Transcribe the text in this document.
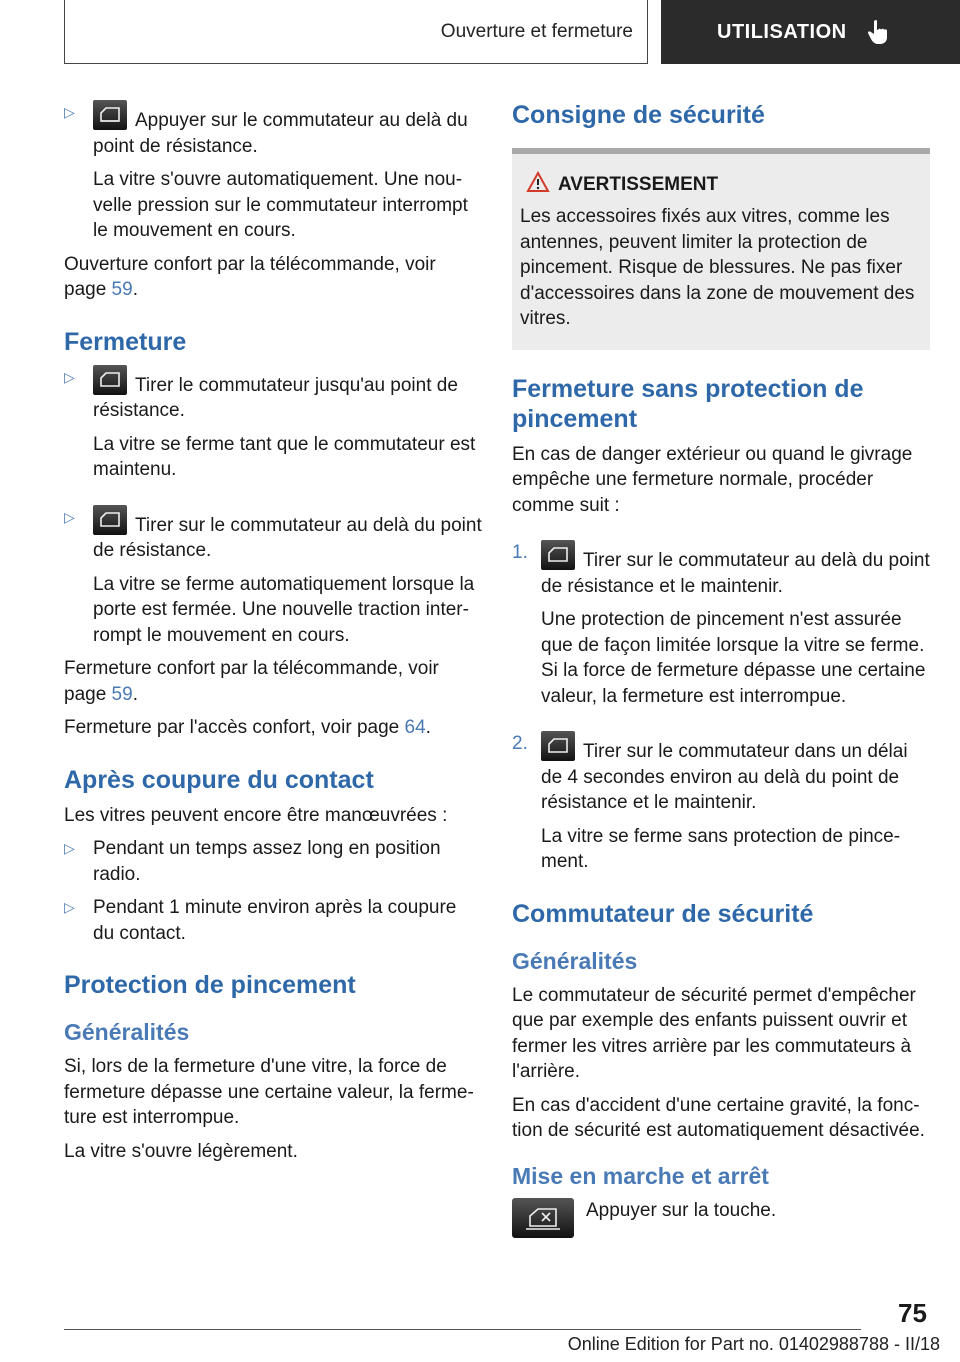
Ouverture et fermeture	UTILISATION
▷	Appuyer sur le commutateur au delà du point de résistance.

La vitre s'ouvre automatiquement. Une nouvelle pression sur le commutateur interrompt le mouvement en cours.

Ouverture confort par la télécommande, voir page 59.

Fermeture
▷	Tirer le commutateur jusqu'au point de résistance.

La vitre se ferme tant que le commutateur est maintenu.

▷	Tirer sur le commutateur au delà du point de résistance.

La vitre se ferme automatiquement lorsque la porte est fermée. Une nouvelle traction interrompt le mouvement en cours.

Fermeture confort par la télécommande, voir page 59.

Fermeture par l'accès confort, voir page 64.

Après coupure du contact

Les vitres peuvent encore être manœuvrées :

▷ Pendant un temps assez long en position radio.
▷ Pendant 1 minute environ après la coupure du contact.
Protection de pincement
Généralités

Si, lors de la fermeture d'une vitre, la force de fermeture dépasse une certaine valeur, la fermeture est interrompue.

La vitre s'ouvre légèrement.

Consigne de sécurité
AVERTISSEMENT

Les accessoires fixés aux vitres, comme les antennes, peuvent limiter la protection de pincement. Risque de blessures. Ne pas fixer d'accessoires dans la zone de mouvement des vitres.

Fermeture sans protection de pincement

En cas de danger extérieur ou quand le givrage empêche une fermeture normale, procéder comme suit :

1.	Tirer sur le commutateur au delà du point de résistance et le maintenir.

Une protection de pincement n'est assurée que de façon limitée lorsque la vitre se ferme. Si la force de fermeture dépasse une certaine valeur, la fermeture est interrompue.

2.	Tirer sur le commutateur dans un délai de 4 secondes environ au delà du point de résistance et le maintenir.

La vitre se ferme sans protection de pincement.

Commutateur de sécurité
Généralités

Le commutateur de sécurité permet d'empêcher que par exemple des enfants puissent ouvrir et fermer les vitres arrière par les commutateurs à l'arrière.

En cas d'accident d'une certaine gravité, la fonction de sécurité est automatiquement désactivée.

Mise en marche et arrêt

Appuyer sur la touche.

75
Online Edition for Part no. 01402988788 - II/18
